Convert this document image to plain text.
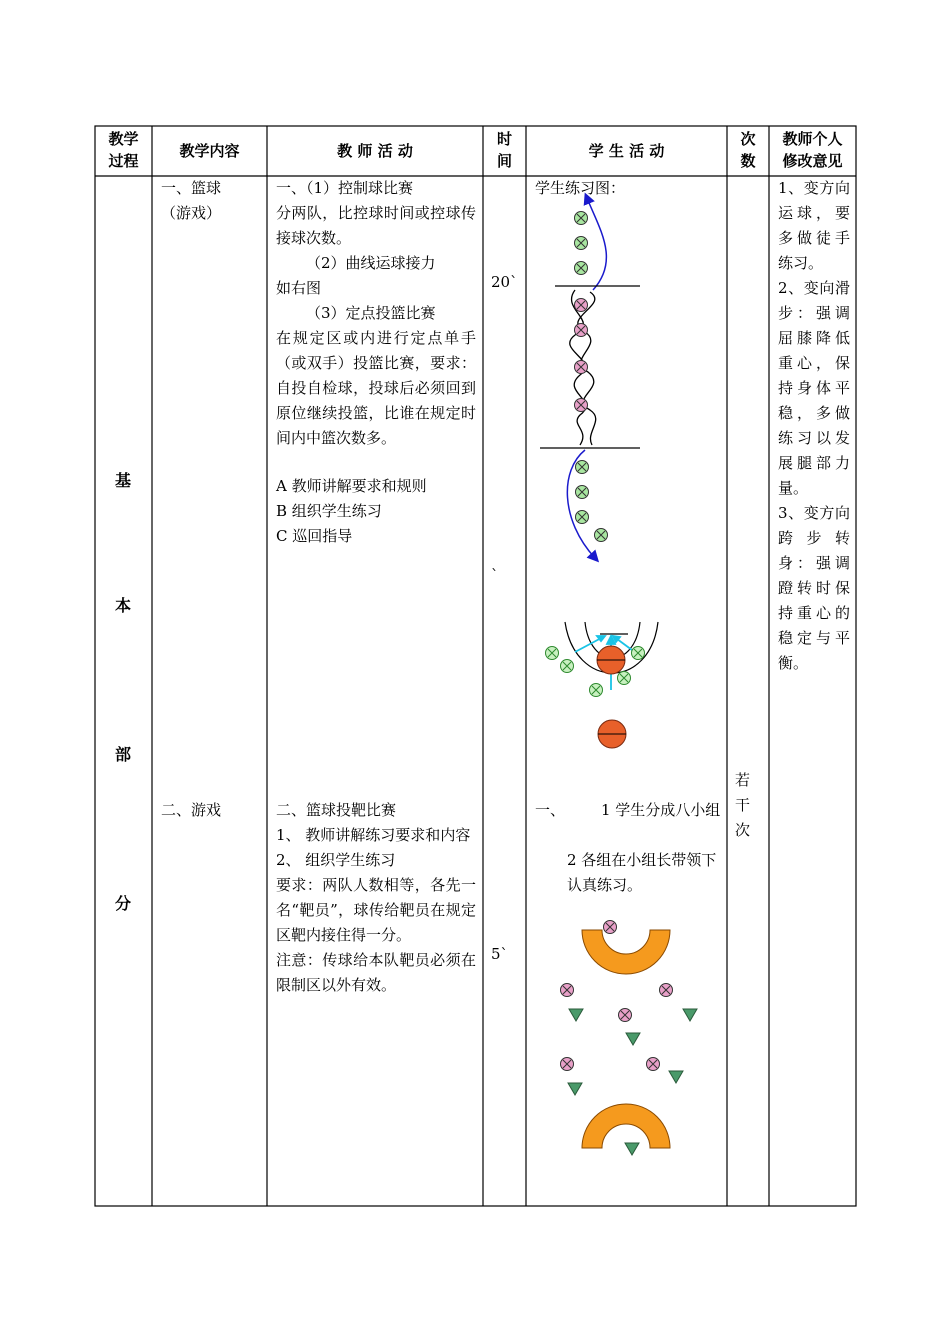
教学
过程
教学内容	教 师 活 动
时
间
学 生 活 动
次
数
教师个人
修改意见
基
本
部
分

一、篮球

（游戏）

二、游戏

一、（1）控制球比赛

分两队，比控球时间或控球传接球次数。

（2）曲线运球接力

如右图

（3）定点投篮比赛

在规定区或内进行定点单手（或双手）投篮比赛，要求：自投自检球，投球后必须回到原位继续投篮，比谁在规定时间内中篮次数多。

A 教师讲解要求和规则

B 组织学生练习

C 巡回指导

二、篮球投靶比赛

1、 教师讲解练习要求和内容

2、 组织学生练习

要求：两队人数相等，各先一名“靶员”，球传给靶员在规定区靶内接住得一分。

注意：传球给本队靶员必须在限制区以外有效。

20`
`
5`
学生练习图：
一、 1 学生分成八小组

2 各组在小组长带领下认真练习。

若

干

次

1、变方向运球，要多做徒手练习。

2、变向滑步：强调屈膝降低重心，保持身体平稳，多做练习以发展腿部力量。

3、变方向跨 步 转身：强调蹬转时保持重心的稳定与平衡。
